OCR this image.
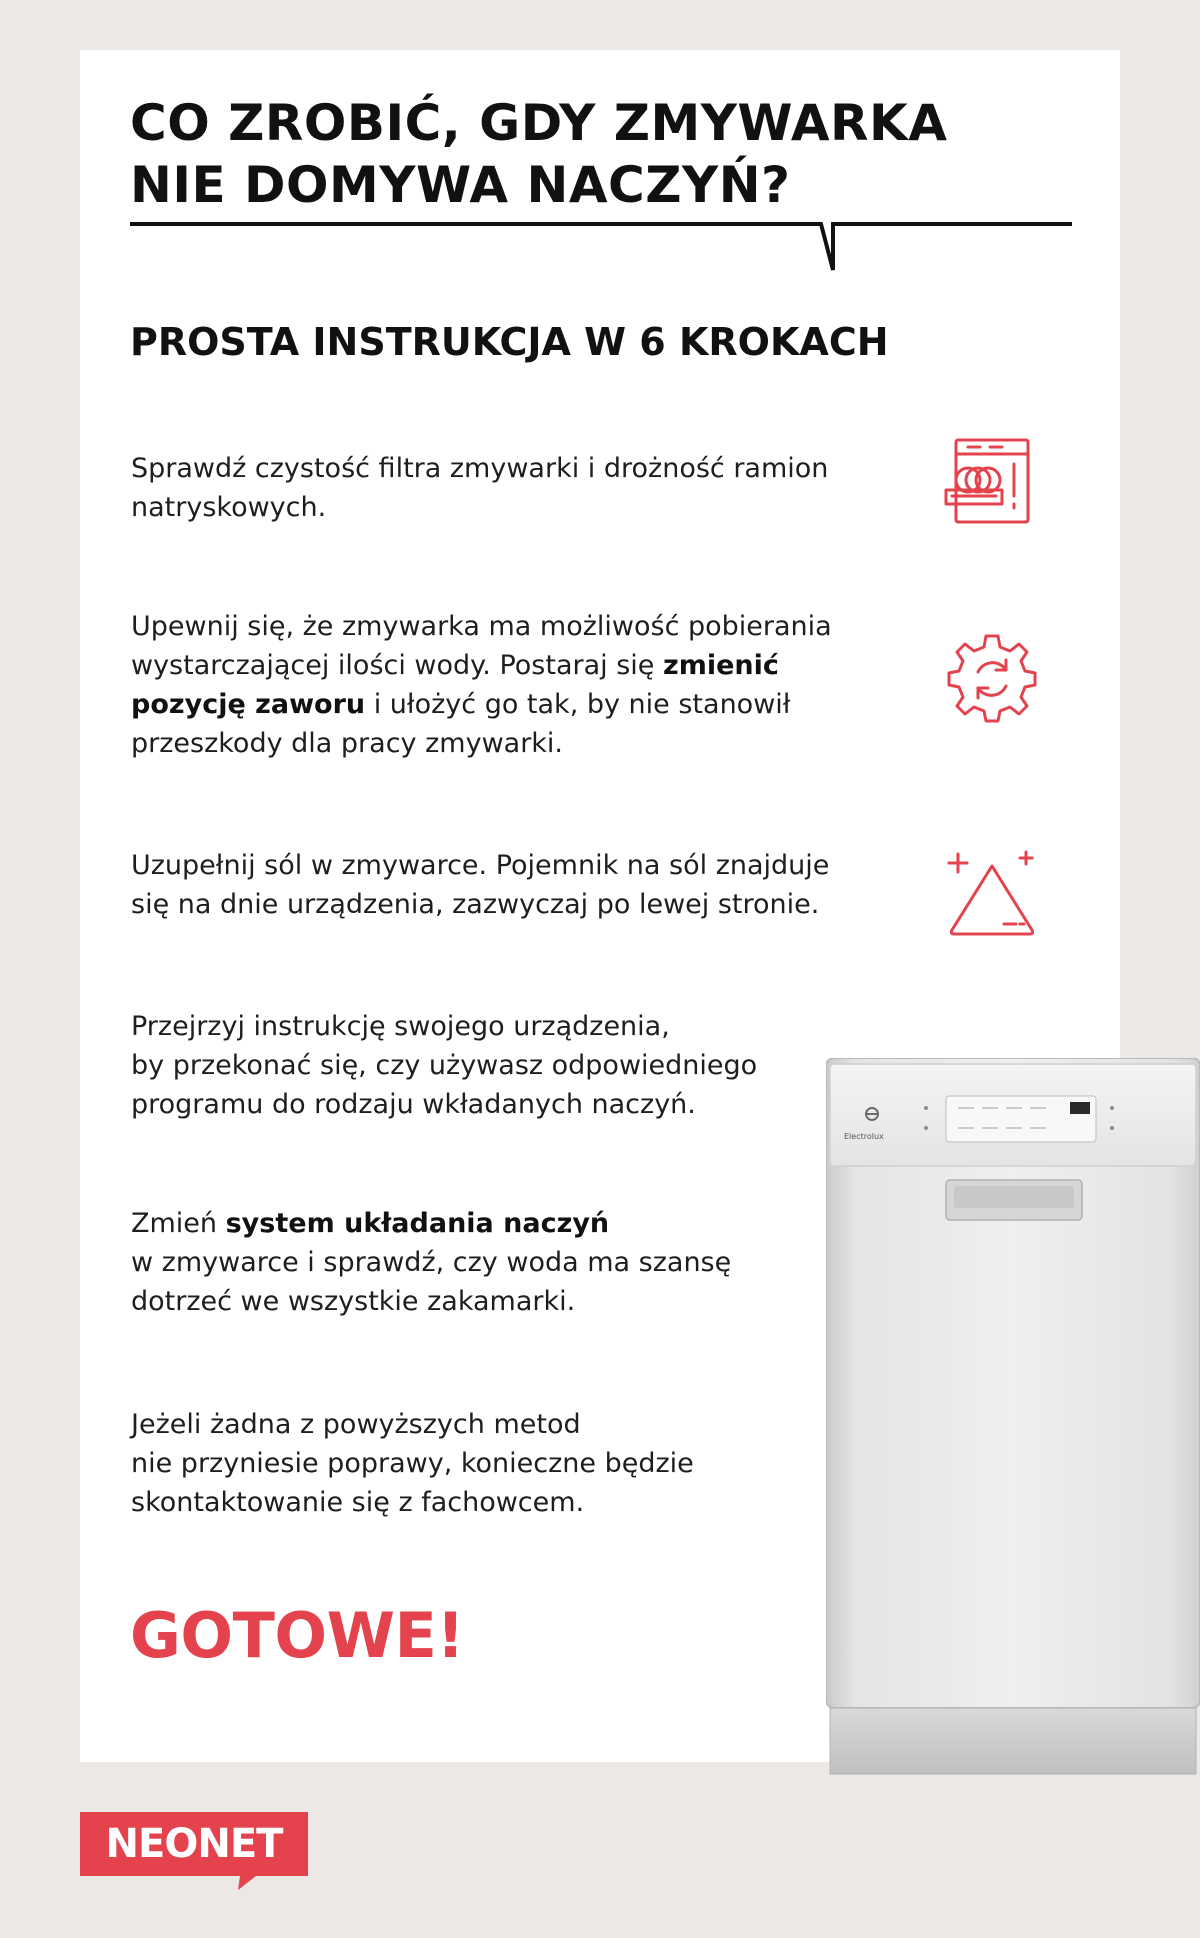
CO ZROBIĆ, GDY ZMYWARKA
NIE DOMYWA NACZYŃ?
PROSTA INSTRUKCJA W 6 KROKACH
Sprawdź czystość filtra zmywarki i drożność ramion
natryskowych.
Upewnij się, że zmywarka ma możliwość pobierania
wystarczającej ilości wody. Postaraj się zmienić
pozycję zaworu i ułożyć go tak, by nie stanowił
przeszkody dla pracy zmywarki.
Uzupełnij sól w zmywarce. Pojemnik na sól znajduje
się na dnie urządzenia, zazwyczaj po lewej stronie.
Przejrzyj instrukcję swojego urządzenia,
by przekonać się, czy używasz odpowiedniego
programu do rodzaju wkładanych naczyń.
Zmień system układania naczyń
w zmywarce i sprawdź, czy woda ma szansę
dotrzeć we wszystkie zakamarki.
Jeżeli żadna z powyższych metod
nie przyniesie poprawy, konieczne będzie
skontaktowanie się z fachowcem.
GOTOWE!
Electrolux
NEONET
